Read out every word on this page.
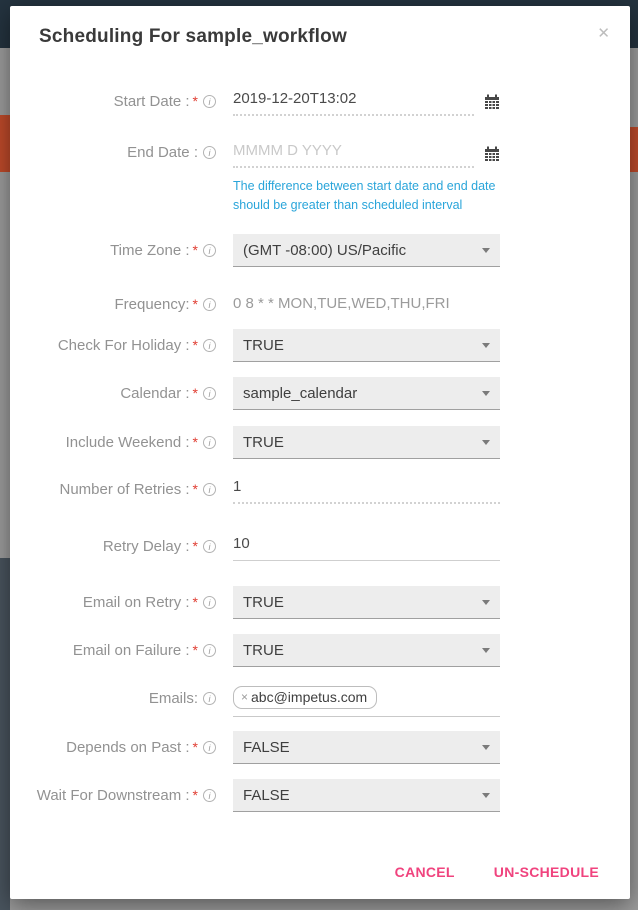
Scheduling For sample_workflow	✕
Start Date : * i
2019-12-20T13:02
End Date : i
MMMM D YYYY
The difference between start date and end date should be greater than scheduled interval
Time Zone : * i	(GMT -08:00) US/Pacific
Frequency: * i	0 8 * * MON,TUE,WED,THU,FRI
Check For Holiday : * i	TRUE
Calendar : * i	sample_calendar
Include Weekend : * i	TRUE
Number of Retries : * i
1
Retry Delay : * i
10
Email on Retry : * i	TRUE
Email on Failure : * i	TRUE
Emails: i	× abc@impetus.com
Depends on Past : * i	FALSE
Wait For Downstream : * i	FALSE
CANCEL	UN-SCHEDULE
